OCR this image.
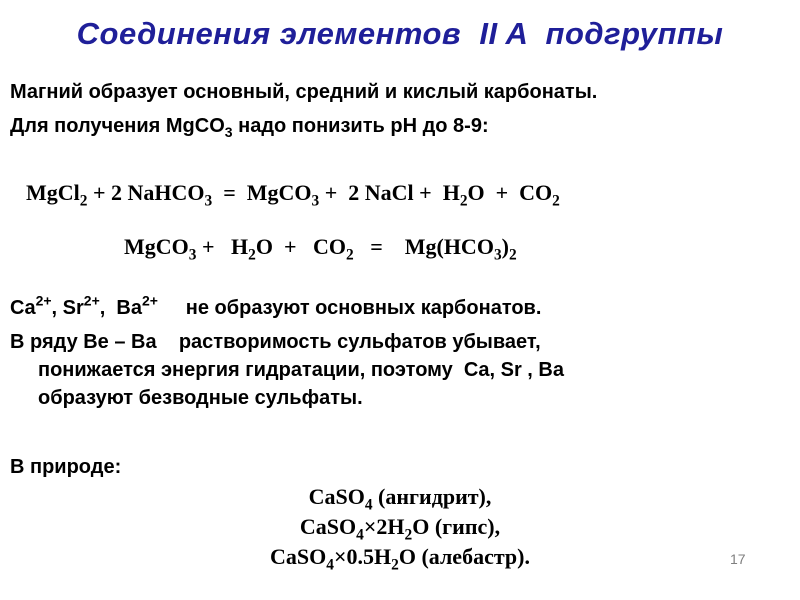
Соединения элементов  II A  подгруппы
Магний образует основный, средний и кислый карбонаты.
Для получения MgCO$_3$ надо понизить рН до 8-9:
MgCl$_2$ + 2 NaHCO$_3$  =  MgCO$_3$ +  2 NaCl +  $H_2O + CO_2$
MgCO$_3$ +   $H_2O + CO_2$   =    $Mg(HCO_3)_2$
$Ca^{2+}$, $Sr^{2+}$,  $Ba^{2+}$     не образуют основных карбонатов.
В ряду Be – Ba    растворимость сульфатов убывает,
понижается энергия гидратации, поэтому  Ca, Sr , Ba
образуют безводные сульфаты.
В природе:
CaSO$_4$ (ангидрит),
$CaSO_4\times 2H_2O$ (гипс),
$CaSO_4\times 0.5H_2O$ (алебастр).	17
